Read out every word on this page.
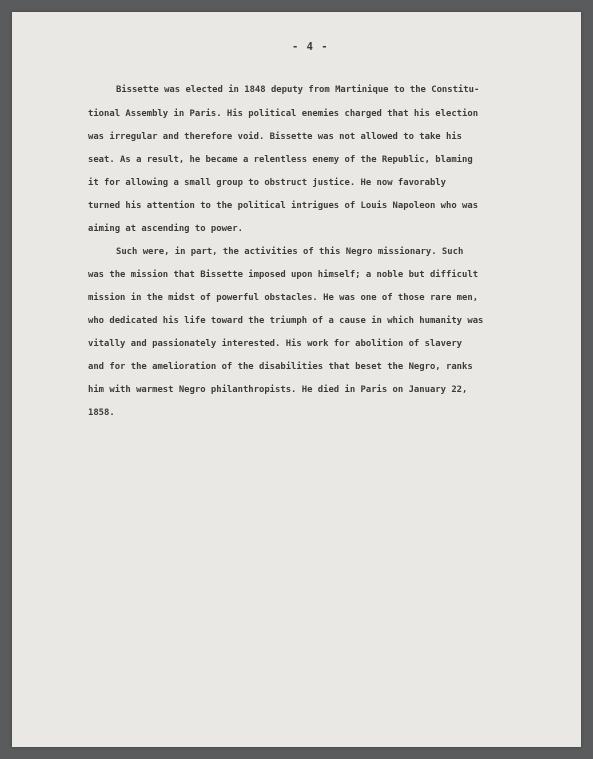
- 4 -

Bissette was elected in 1848 deputy from Martinique to the Constitu-

tional Assembly in Paris. His political enemies charged that his election

was irregular and therefore void. Bissette was not allowed to take his

seat. As a result, he became a relentless enemy of the Republic, blaming

it for allowing a small group to obstruct justice. He now favorably

turned his attention to the political intrigues of Louis Napoleon who was

aiming at ascending to power.

Such were, in part, the activities of this Negro missionary. Such

was the mission that Bissette imposed upon himself; a noble but difficult

mission in the midst of powerful obstacles. He was one of those rare men,

who dedicated his life toward the triumph of a cause in which humanity was

vitally and passionately interested. His work for abolition of slavery

and for the amelioration of the disabilities that beset the Negro, ranks

him with warmest Negro philanthropists. He died in Paris on January 22,

1858.
